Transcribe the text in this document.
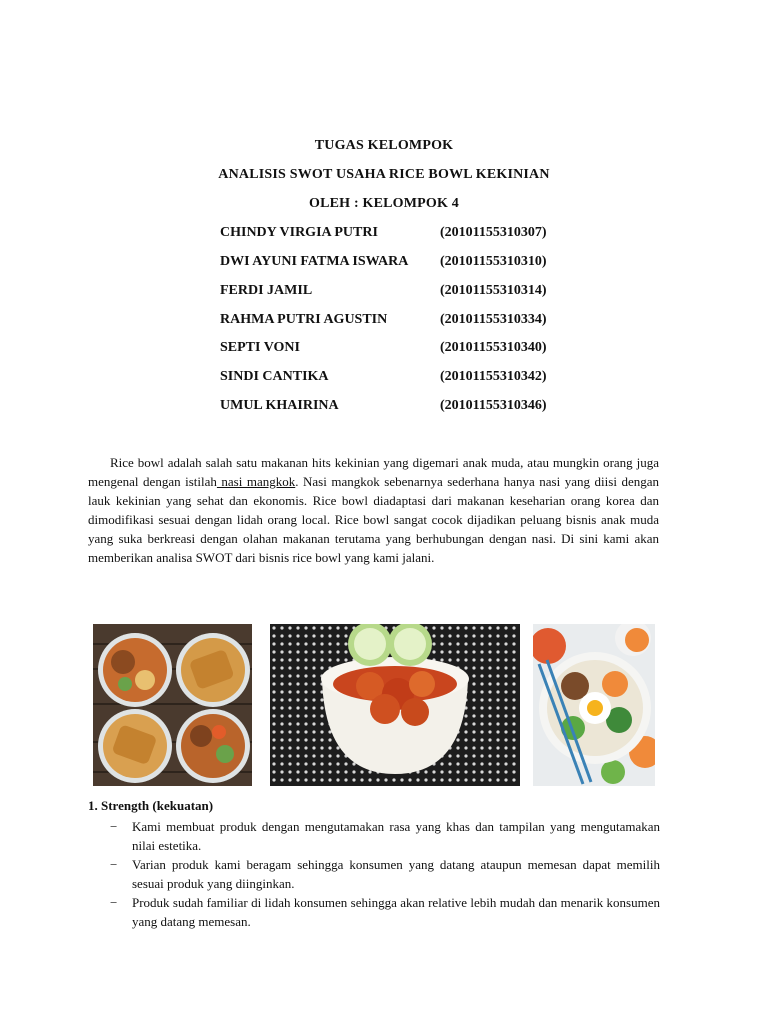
TUGAS KELOMPOK
ANALISIS SWOT USAHA RICE BOWL KEKINIAN
OLEH : KELOMPOK 4
CHINDY VIRGIA PUTRI	(20101155310307)
DWI AYUNI FATMA ISWARA (20101155310310)
FERDI JAMIL	(20101155310314)
RAHMA PUTRI AGUSTIN	(20101155310334)
SEPTI VONI	(20101155310340)
SINDI CANTIKA	(20101155310342)
UMUL KHAIRINA	(20101155310346)

Rice bowl adalah salah satu makanan hits kekinian yang digemari anak muda, atau mungkin orang juga mengenal dengan istilah nasi mangkok. Nasi mangkok sebenarnya sederhana hanya nasi yang diisi dengan lauk kekinian yang sehat dan ekonomis. Rice bowl diadaptasi dari makanan keseharian orang korea dan dimodifikasi sesuai dengan lidah orang local. Rice bowl sangat cocok dijadikan peluang bisnis anak muda yang suka berkreasi dengan olahan makanan terutama yang berhubungan dengan nasi. Di sini kami akan memberikan analisa SWOT dari bisnis rice bowl yang kami jalani.

1. Strength (kekuatan)
− Kami membuat produk dengan mengutamakan rasa yang khas dan tampilan yang mengutamakan nilai estetika.
− Varian produk kami beragam sehingga konsumen yang datang ataupun memesan dapat memilih sesuai produk yang diinginkan.
− Produk sudah familiar di lidah konsumen sehingga akan relative lebih mudah dan menarik konsumen yang datang memesan.
